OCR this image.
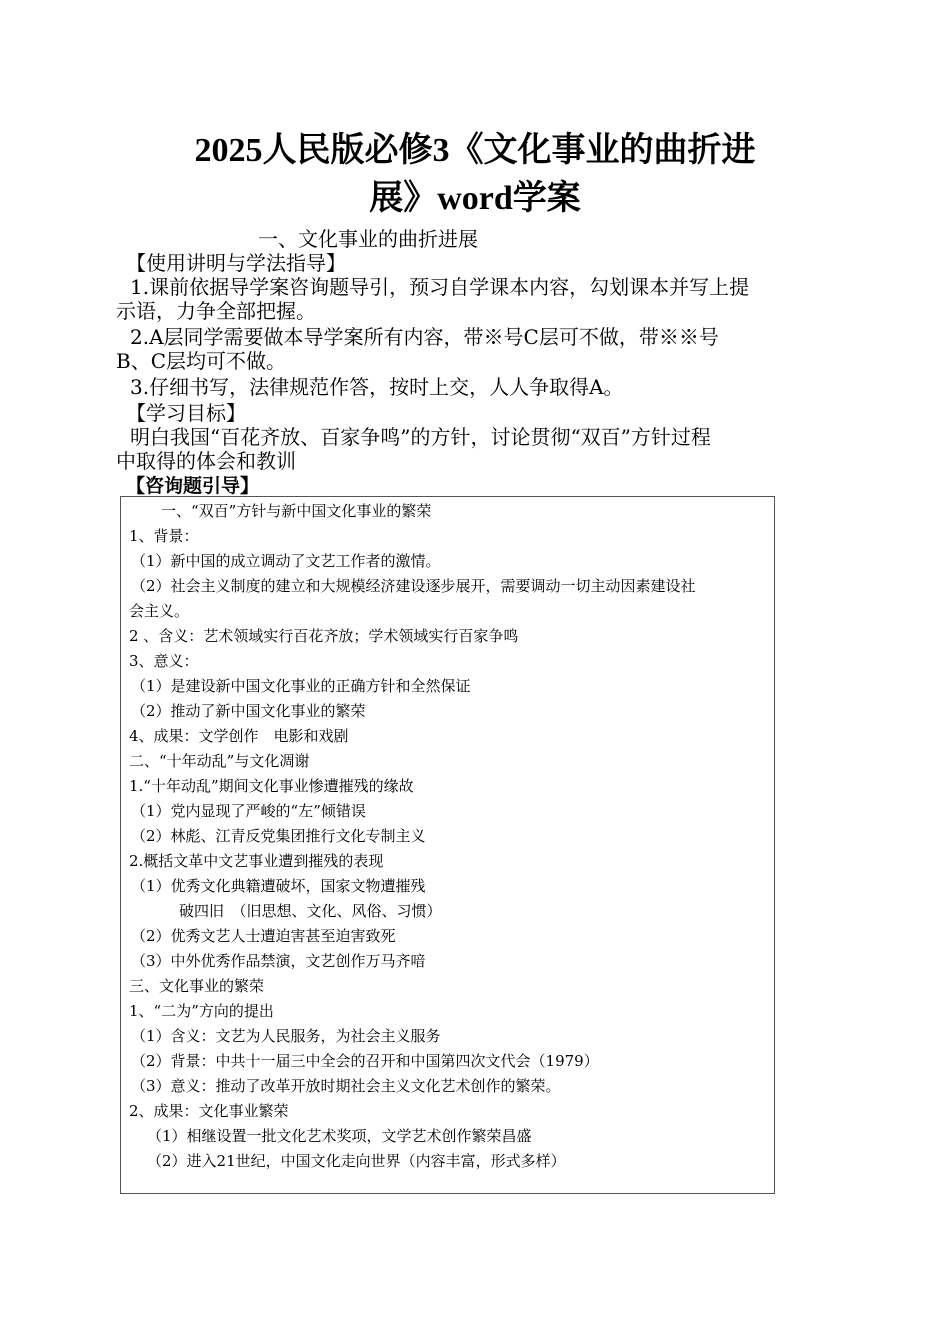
2025人民版必修3《文化事业的曲折进
展》word学案
一、文化事业的曲折进展
【使用讲明与学法指导】
1.课前依据导学案咨询题导引，预习自学课本内容，勾划课本并写上提
示语，力争全部把握。
2.A层同学需要做本导学案所有内容，带※号C层可不做，带※※号
B、C层均可不做。
3.仔细书写，法律规范作答，按时上交，人人争取得A。
【学习目标】
明白我国“百花齐放、百家争鸣”的方针，讨论贯彻“双百”方针过程
中取得的体会和教训
【咨询题引导】
一、“双百”方针与新中国文化事业的繁荣
1、背景：
（1）新中国的成立调动了文艺工作者的激情。
（2）社会主义制度的建立和大规模经济建设逐步展开，需要调动一切主动因素建设社
会主义。
2 、含义：艺术领域实行百花齐放；学术领域实行百家争鸣
3、意义：
（1）是建设新中国文化事业的正确方针和全然保证
（2）推动了新中国文化事业的繁荣
4、成果：文学创作　电影和戏剧
二、“十年动乱”与文化凋谢
1.“十年动乱”期间文化事业惨遭摧残的缘故
（1）党内显现了严峻的“左”倾错误
（2）林彪、江青反党集团推行文化专制主义
2.概括文革中文艺事业遭到摧残的表现
（1）优秀文化典籍遭破坏，国家文物遭摧残
破四旧　（旧思想、文化、风俗、习惯）
（2）优秀文艺人士遭迫害甚至迫害致死
（3）中外优秀作品禁演，文艺创作万马齐喑
三、文化事业的繁荣
1、“二为”方向的提出
（1）含义：文艺为人民服务，为社会主义服务
（2）背景：中共十一届三中全会的召开和中国第四次文代会（1979）
（3）意义：推动了改革开放时期社会主义文化艺术创作的繁荣。
2、成果：文化事业繁荣
（1）相继设置一批文化艺术奖项，文学艺术创作繁荣昌盛
（2）进入21世纪，中国文化走向世界（内容丰富，形式多样）
